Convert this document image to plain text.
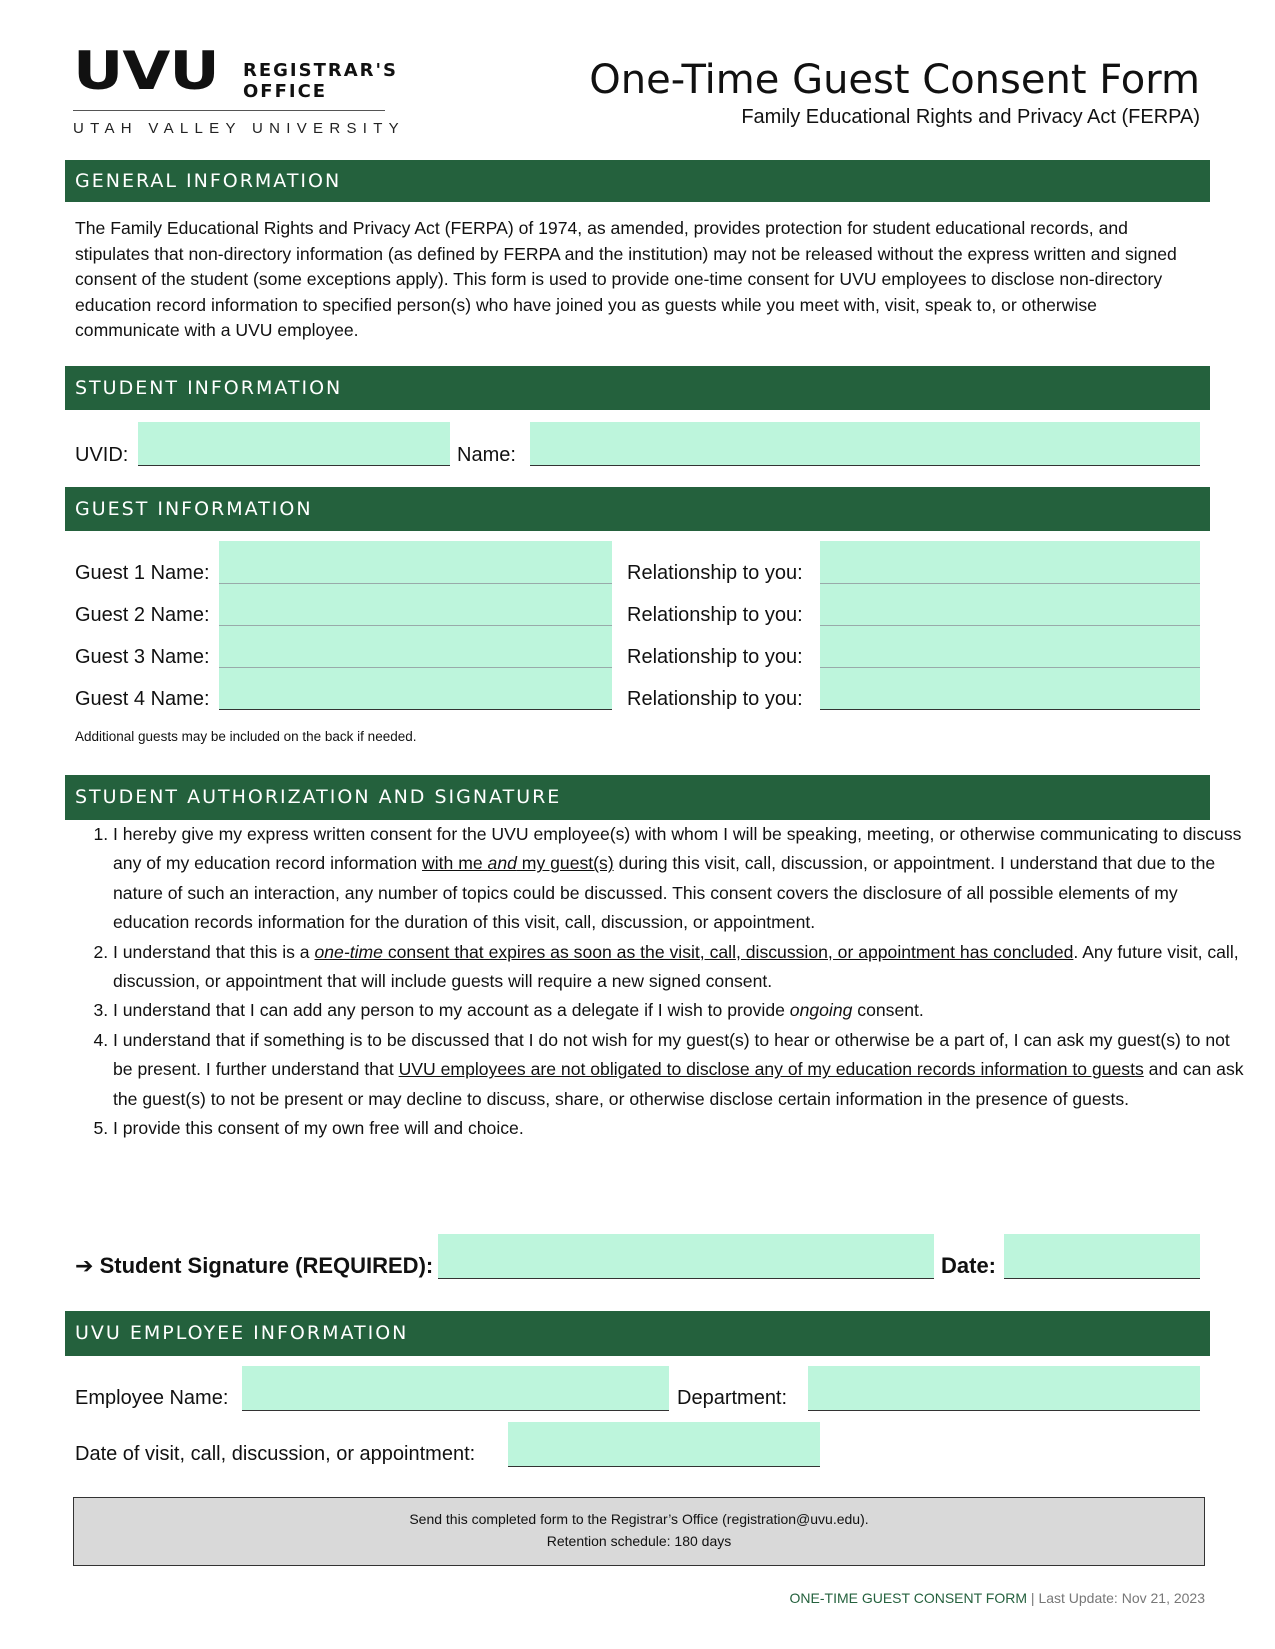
UVU REGISTRAR'S
OFFICE
UTAH VALLEY UNIVERSITY
One-Time Guest Consent Form
Family Educational Rights and Privacy Act (FERPA)
GENERAL INFORMATION
The Family Educational Rights and Privacy Act (FERPA) of 1974, as amended, provides protection for student educational records, and stipulates that non-directory information (as defined by FERPA and the institution) may not be released without the express written and signed consent of the student (some exceptions apply). This form is used to provide one-time consent for UVU employees to disclose non-directory education record information to specified person(s) who have joined you as guests while you meet with, visit, speak to, or otherwise communicate with a UVU employee.
STUDENT INFORMATION
UVID:	Name:
GUEST INFORMATION
Guest 1 Name:	Relationship to you:
Guest 2 Name:	Relationship to you:
Guest 3 Name:	Relationship to you:
Guest 4 Name:	Relationship to you:
Additional guests may be included on the back if needed.
STUDENT AUTHORIZATION AND SIGNATURE
1. I hereby give my express written consent for the UVU employee(s) with whom I will be speaking, meeting, or otherwise communicating to discuss any of my education record information with me and my guest(s) during this visit, call, discussion, or appointment. I understand that due to the nature of such an interaction, any number of topics could be discussed. This consent covers the disclosure of all possible elements of my education records information for the duration of this visit, call, discussion, or appointment.
2. I understand that this is a one-time consent that expires as soon as the visit, call, discussion, or appointment has concluded. Any future visit, call, discussion, or appointment that will include guests will require a new signed consent.
3. I understand that I can add any person to my account as a delegate if I wish to provide ongoing consent.
4. I understand that if something is to be discussed that I do not wish for my guest(s) to hear or otherwise be a part of, I can ask my guest(s) to not be present. I further understand that UVU employees are not obligated to disclose any of my education records information to guests and can ask the guest(s) to not be present or may decline to discuss, share, or otherwise disclose certain information in the presence of guests.
5. I provide this consent of my own free will and choice.
➔ Student Signature (REQUIRED):	Date:
UVU EMPLOYEE INFORMATION
Employee Name:	Department:
Date of visit, call, discussion, or appointment:
Send this completed form to the Registrar’s Office (registration@uvu.edu).
Retention schedule: 180 days
ONE-TIME GUEST CONSENT FORM | Last Update: Nov 21, 2023
